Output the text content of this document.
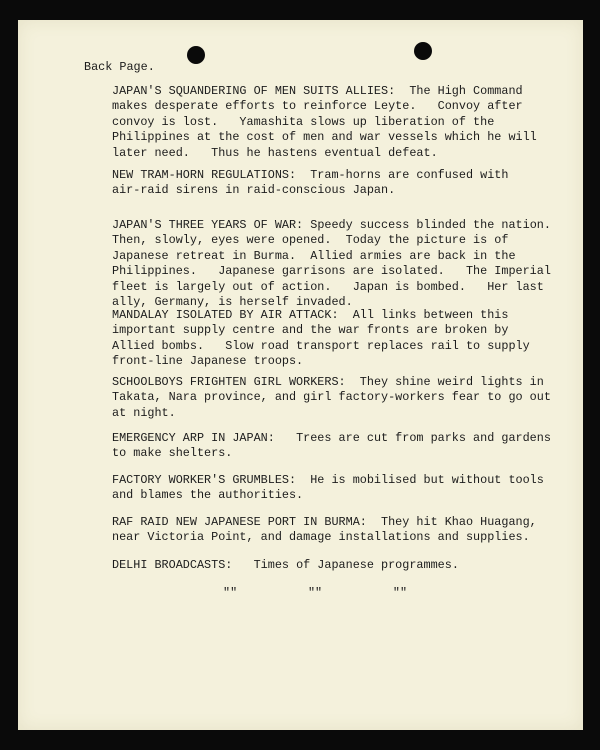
Back Page.

JAPAN'S SQUANDERING OF MEN SUITS ALLIES:  The High Command
makes desperate efforts to reinforce Leyte.   Convoy after
convoy is lost.   Yamashita slows up liberation of the
Philippines at the cost of men and war vessels which he will
later need.   Thus he hastens eventual defeat.

NEW TRAM-HORN REGULATIONS:  Tram-horns are confused with
air-raid sirens in raid-conscious Japan.

JAPAN'S THREE YEARS OF WAR: Speedy success blinded the nation.
Then, slowly, eyes were opened.  Today the picture is of
Japanese retreat in Burma.  Allied armies are back in the
Philippines.   Japanese garrisons are isolated.   The Imperial
fleet is largely out of action.   Japan is bombed.   Her last
ally, Germany, is herself invaded.

MANDALAY ISOLATED BY AIR ATTACK:  All links between this
important supply centre and the war fronts are broken by
Allied bombs.   Slow road transport replaces rail to supply
front-line Japanese troops.

SCHOOLBOYS FRIGHTEN GIRL WORKERS:  They shine weird lights in
Takata, Nara province, and girl factory-workers fear to go out
at night.

EMERGENCY ARP IN JAPAN:   Trees are cut from parks and gardens
to make shelters.

FACTORY WORKER'S GRUMBLES:  He is mobilised but without tools
and blames the authorities.

RAF RAID NEW JAPANESE PORT IN BURMA:  They hit Khao Huagang,
near Victoria Point, and damage installations and supplies.

DELHI BROADCASTS:   Times of Japanese programmes.

""          ""          ""
